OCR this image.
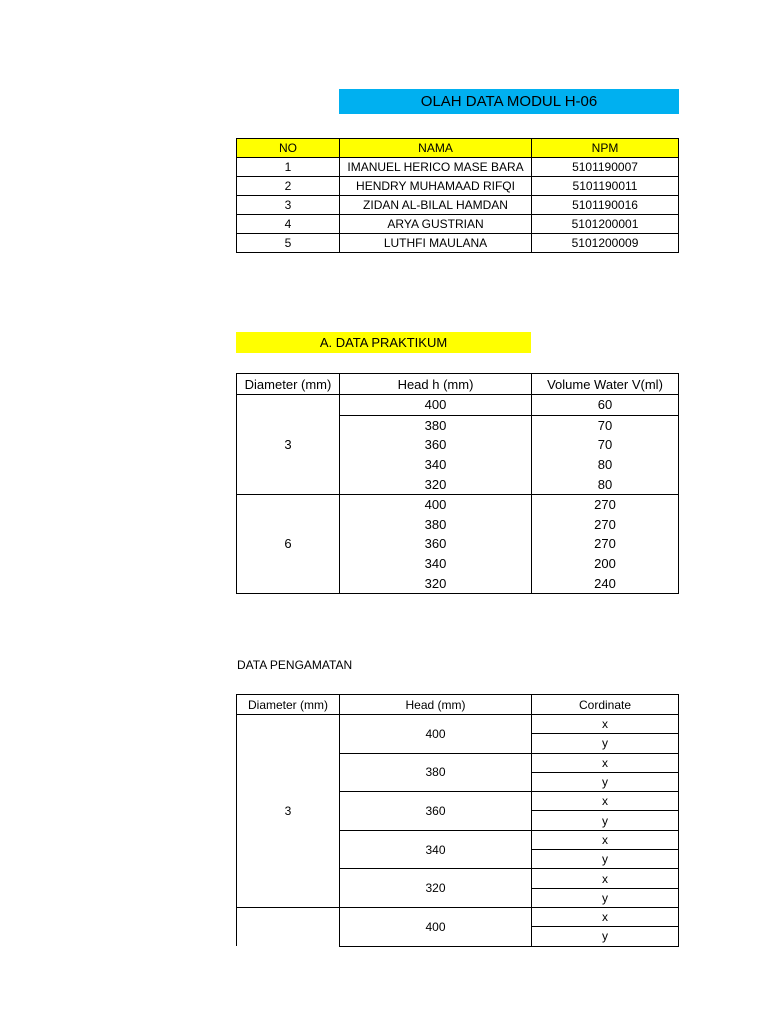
OLAH DATA MODUL H-06
NO	NAMA	NPM
1	IMANUEL HERICO MASE BARA	5101190007
2	HENDRY MUHAMAAD RIFQI	5101190011
3	ZIDAN AL-BILAL HAMDAN	5101190016
4	ARYA GUSTRIAN	5101200001
5	LUTHFI MAULANA	5101200009
A. DATA PRAKTIKUM
Diameter (mm)	Head h (mm)	Volume Water V(ml)
3	400	60
	380	70
	360	70
	340	80
	320	80
6	400	270
	380	270
	360	270
	340	200
	320	240
DATA PENGAMATAN
Diameter (mm)	Head (mm)	Cordinate
3	400	x
		y
	380	x
		y
	360	x
		y
	340	x
		y
	320	x
		y
	400	x
		y
